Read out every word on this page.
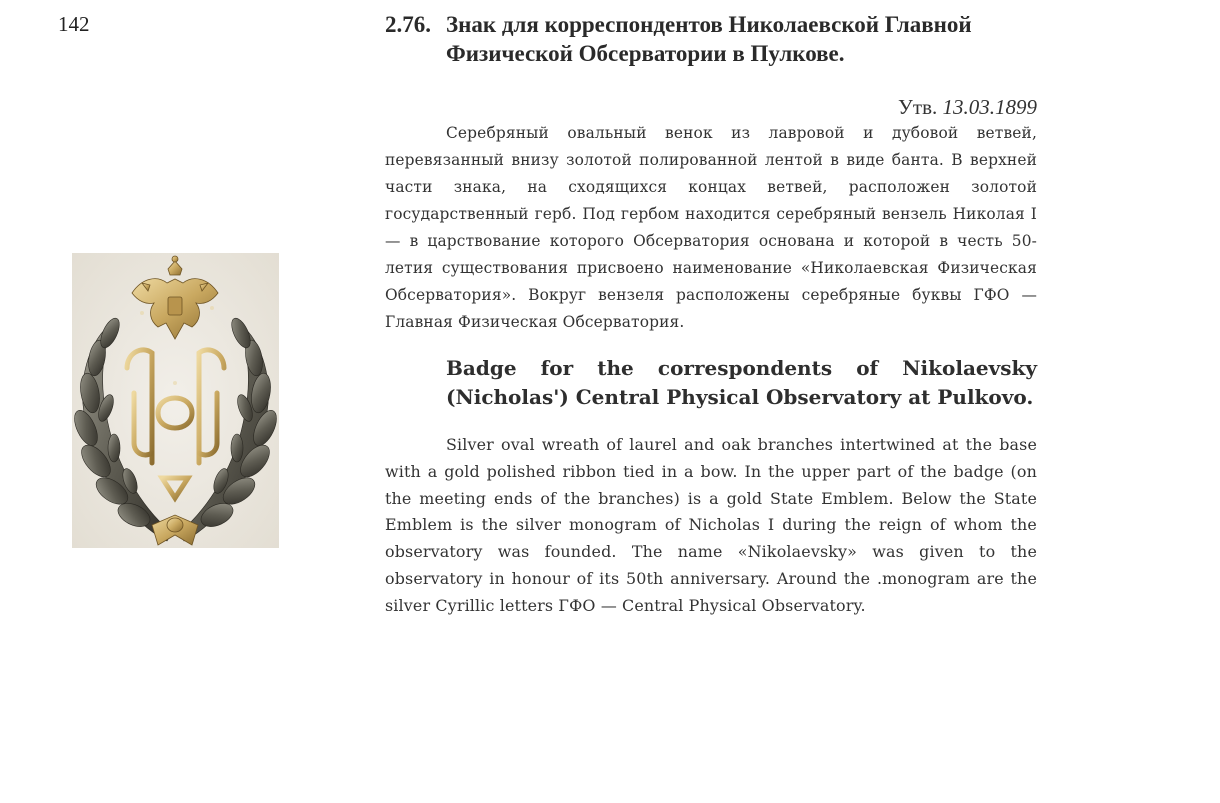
142	2.76. Знак для корреспондентов Николаевской Главной Физической Обсерватории в Пулкове.
Утв. 13.03.1899

Серебряный овальный венок из лавровой и дубовой ветвей, перевязанный внизу золотой полированной лентой в виде банта. В верхней части знака, на сходящихся концах ветвей, расположен золотой государственный герб. Под гербом находится серебряный вензель Николая I — в царствование которого Обсерватория основана и которой в честь 50-летия существования присвоено наименование «Николаевская Физическая Обсерватория». Вокруг вензеля расположены серебряные буквы ГФО — Главная Физическая Обсерватория.

Badge for the correspondents of Nikolaevsky (Nicholas') Central Physical Observatory at Pulkovo.

Silver oval wreath of laurel and oak branches intertwined at the base with a gold polished ribbon tied in a bow. In the upper part of the badge (on the meeting ends of the branches) is a gold State Emblem. Below the State Emblem is the silver monogram of Nicholas I during the reign of whom the observatory was founded. The name «Nikolaevsky» was given to the observatory in honour of its 50th anniversary. Around the .monogram are the silver Cyrillic letters ГФО — Central Physical Observatory.
